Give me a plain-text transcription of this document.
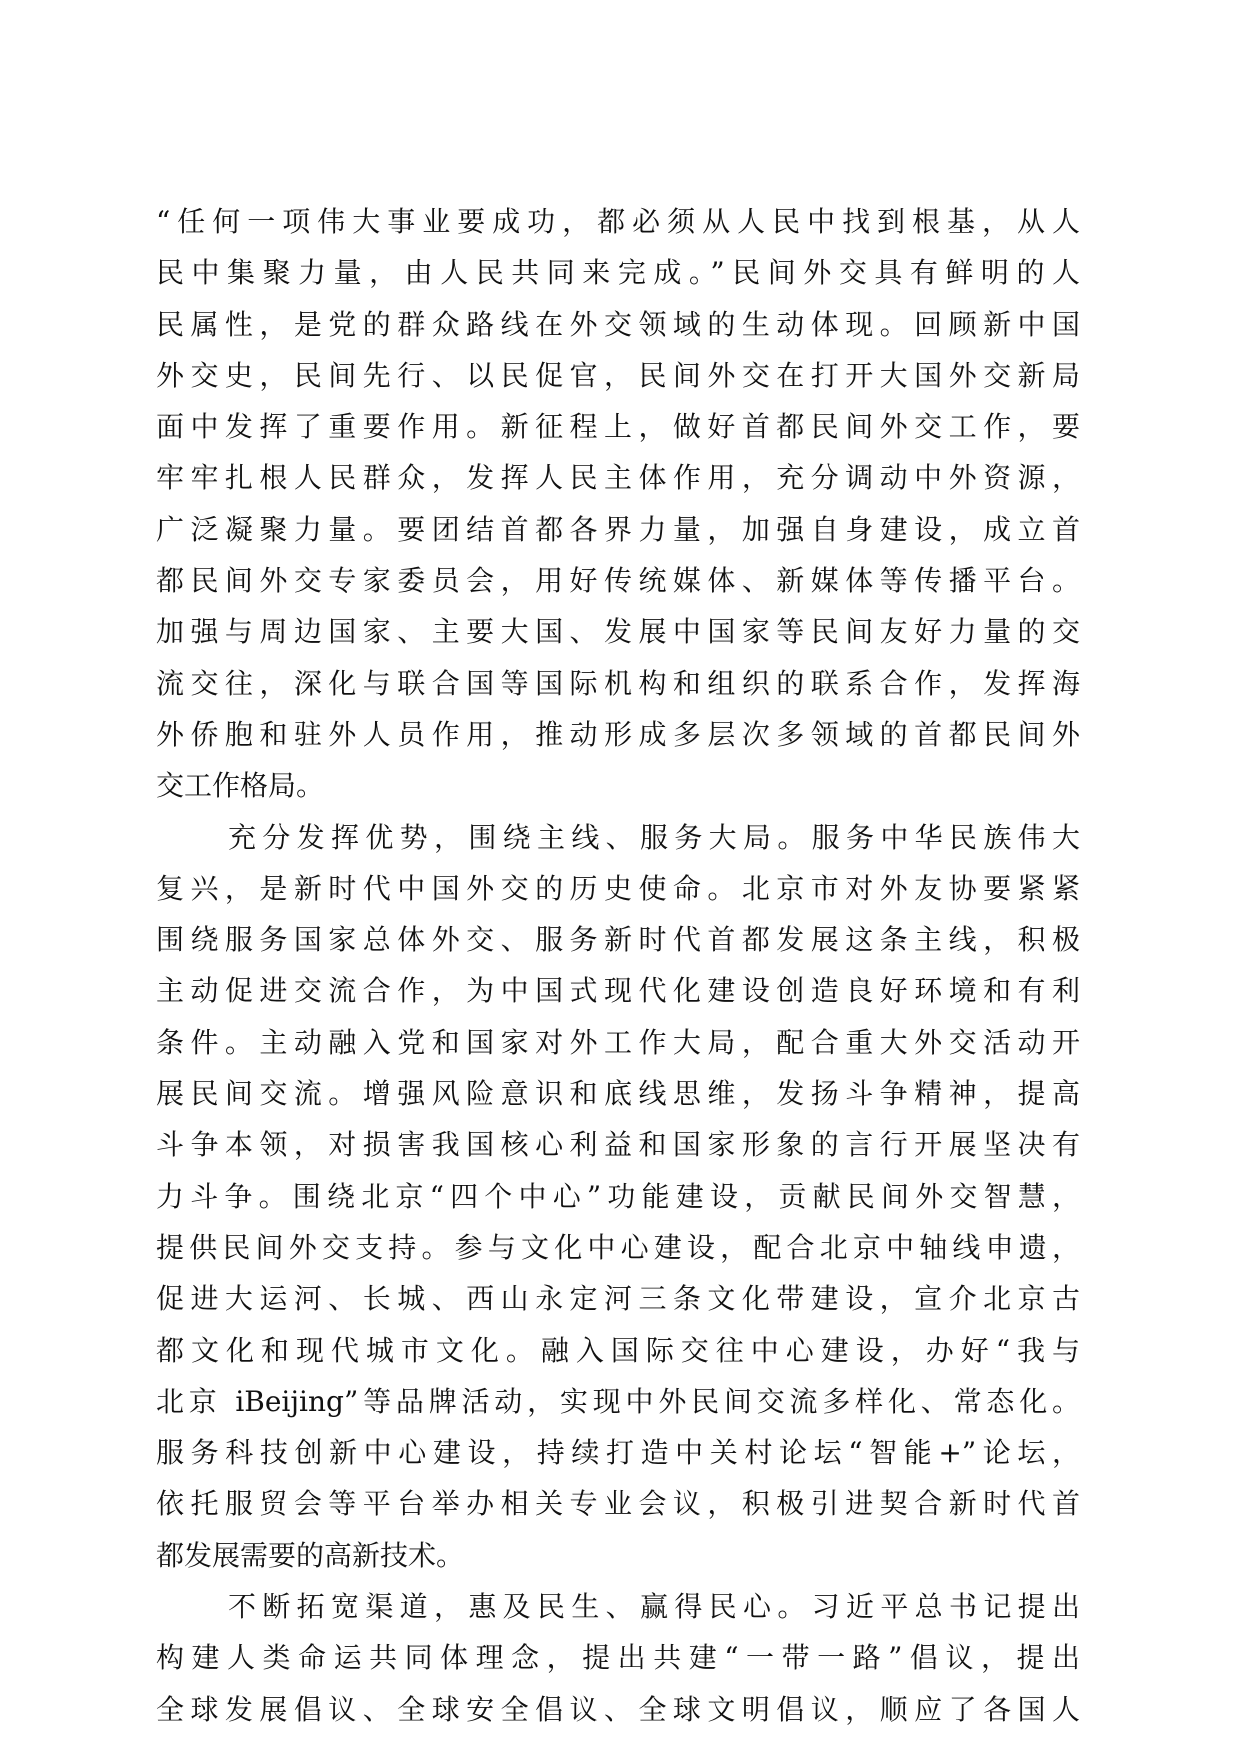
“任何一项伟大事业要成功，都必须从人民中找到根基，从人
民中集聚力量，由人民共同来完成。”民间外交具有鲜明的人
民属性，是党的群众路线在外交领域的生动体现。回顾新中国
外交史，民间先行、以民促官，民间外交在打开大国外交新局
面中发挥了重要作用。新征程上，做好首都民间外交工作，要
牢牢扎根人民群众，发挥人民主体作用，充分调动中外资源，
广泛凝聚力量。要团结首都各界力量，加强自身建设，成立首
都民间外交专家委员会，用好传统媒体、新媒体等传播平台。
加强与周边国家、主要大国、发展中国家等民间友好力量的交
流交往，深化与联合国等国际机构和组织的联系合作，发挥海
外侨胞和驻外人员作用，推动形成多层次多领域的首都民间外
交工作格局。
充分发挥优势，围绕主线、服务大局。服务中华民族伟大
复兴，是新时代中国外交的历史使命。北京市对外友协要紧紧
围绕服务国家总体外交、服务新时代首都发展这条主线，积极
主动促进交流合作，为中国式现代化建设创造良好环境和有利
条件。主动融入党和国家对外工作大局，配合重大外交活动开
展民间交流。增强风险意识和底线思维，发扬斗争精神，提高
斗争本领，对损害我国核心利益和国家形象的言行开展坚决有
力斗争。围绕北京“四个中心”功能建设，贡献民间外交智慧，
提供民间外交支持。参与文化中心建设，配合北京中轴线申遗，
促进大运河、长城、西山永定河三条文化带建设，宣介北京古
都文化和现代城市文化。融入国际交往中心建设，办好“我与
北京 iBeijing”等品牌活动，实现中外民间交流多样化、常态化。
服务科技创新中心建设，持续打造中关村论坛“智能+”论坛，
依托服贸会等平台举办相关专业会议，积极引进契合新时代首
都发展需要的高新技术。
不断拓宽渠道，惠及民生、赢得民心。习近平总书记提出
构建人类命运共同体理念，提出共建“一带一路”倡议，提出
全球发展倡议、全球安全倡议、全球文明倡议，顺应了各国人
